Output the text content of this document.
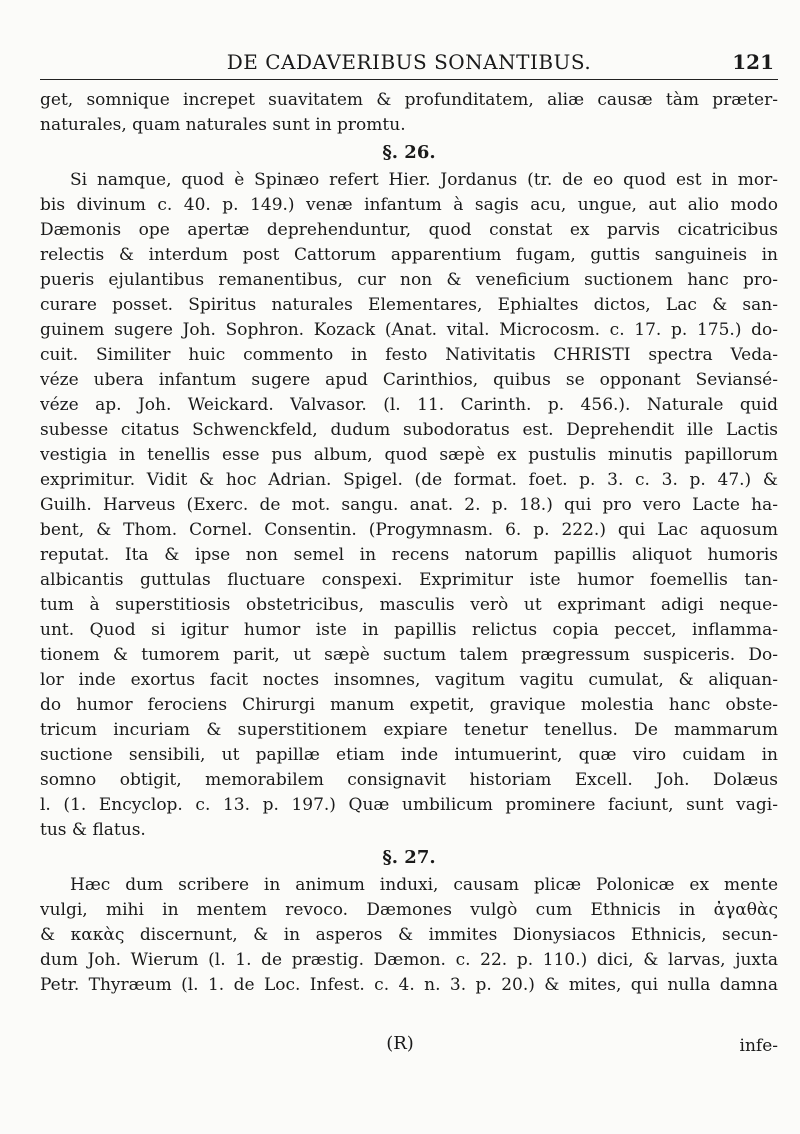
DE CADAVERIBUS SONANTIBUS.	121
get, somnique increpet suavitatem & profunditatem, aliæ causæ tàm præter-
naturales, quam naturales sunt in promtu.
§. 26.
Si namque, quod è Spinæo refert Hier. Jordanus (tr. de eo quod est in mor-
bis divinum c. 40. p. 149.) venæ infantum à sagis acu, ungue, aut alio modo
Dæmonis ope apertæ deprehenduntur, quod constat ex parvis cicatricibus
relectis & interdum post Cattorum apparentium fugam, guttis sanguineis in
pueris ejulantibus remanentibus, cur non & veneficium suctionem hanc pro-
curare posset. Spiritus naturales Elementares, Ephialtes dictos, Lac & san-
guinem sugere Joh. Sophron. Kozack (Anat. vital. Microcosm. c. 17. p. 175.) do-
cuit. Similiter huic commento in festo Nativitatis CHRISTI spectra Veda-
véze ubera infantum sugere apud Carinthios, quibus se opponant Seviansé-
véze ap. Joh. Weickard. Valvasor. (l. 11. Carinth. p. 456.). Naturale quid
subesse citatus Schwenckfeld, dudum subodoratus est. Deprehendit ille Lactis
vestigia in tenellis esse pus album, quod sæpè ex pustulis minutis papillorum
exprimitur. Vidit & hoc Adrian. Spigel. (de format. foet. p. 3. c. 3. p. 47.) &
Guilh. Harveus (Exerc. de mot. sangu. anat. 2. p. 18.) qui pro vero Lacte ha-
bent, & Thom. Cornel. Consentin. (Progymnasm. 6. p. 222.) qui Lac aquosum
reputat. Ita & ipse non semel in recens natorum papillis aliquot humoris
albicantis guttulas fluctuare conspexi. Exprimitur iste humor foemellis tan-
tum à superstitiosis obstetricibus, masculis verò ut exprimant adigi neque-
unt. Quod si igitur humor iste in papillis relictus copia peccet, inflamma-
tionem & tumorem parit, ut sæpè suctum talem prægressum suspiceris. Do-
lor inde exortus facit noctes insomnes, vagitum vagitu cumulat, & aliquan-
do humor ferociens Chirurgi manum expetit, gravique molestia hanc obste-
tricum incuriam & superstitionem expiare tenetur tenellus. De mammarum
suctione sensibili, ut papillæ etiam inde intumuerint, quæ viro cuidam in
somno obtigit, memorabilem consignavit historiam Excell. Joh. Dolæus
l. (1. Encyclop. c. 13. p. 197.) Quæ umbilicum prominere faciunt, sunt vagi-
tus & flatus.
§. 27.
Hæc dum scribere in animum induxi, causam plicæ Polonicæ ex mente
vulgi, mihi in mentem revoco. Dæmones vulgò cum Ethnicis in ἀγαθὰς
& κακὰς discernunt, & in asperos & immites Dionysiacos Ethnicis, secun-
dum Joh. Wierum (l. 1. de præstig. Dæmon. c. 22. p. 110.) dici, & larvas, juxta
Petr. Thyræum (l. 1. de Loc. Infest. c. 4. n. 3. p. 20.) & mites, qui nulla damna
(R)	infe-
